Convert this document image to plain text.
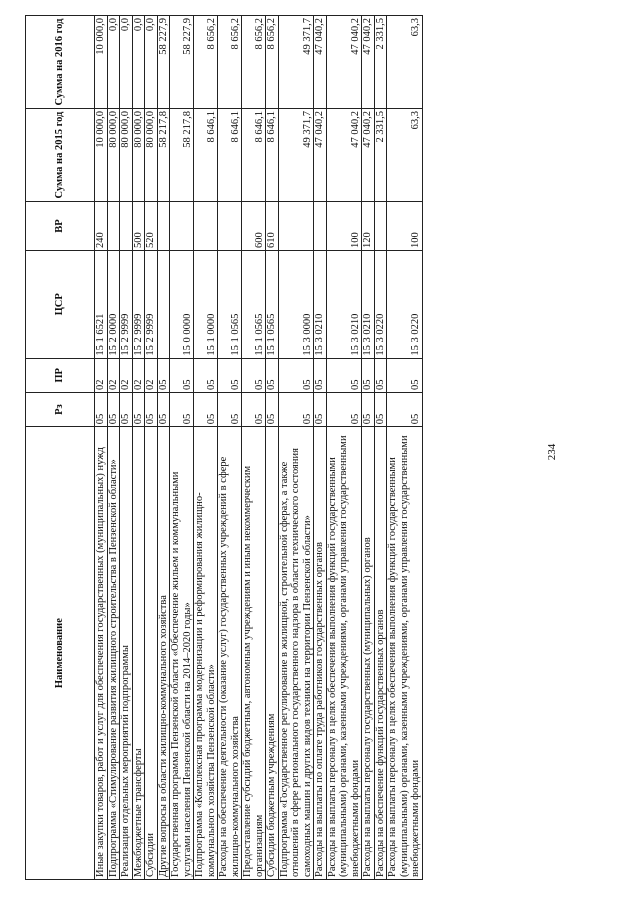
234
Наименование	Рз	ПР	ЦСР	ВР	Сумма на 2015 год	Сумма на 2016 год
Иные закупки товаров, работ и услуг для обеспечения государственных (муниципальных) нужд	05	02	15 1 6521	240	10 000,0	10 000,0
Подпрограмма «Стимулирование развития жилищного строительства в Пензенской области»	05	02	15 2 0000		80 000,0	0,0
Реализация отдельных мероприятий подпрограммы	05	02	15 2 9999		80 000,0	0,0
Межбюджетные трансферты	05	02	15 2 9999	500	80 000,0	0,0
Субсидии	05	02	15 2 9999	520	80 000,0	0,0
Другие вопросы в области жилищно-коммунального хозяйства	05	05			58 217,8	58 227,9
Государственная программа Пензенской области «Обеспечение жильем и коммунальными услугами населения Пензенской области на 2014–2020 годы»	05	05	15 0 0000		58 217,8	58 227,9
Подпрограмма «Комплексная программа модернизации и реформирования жилищно-коммунального хозяйства Пензенской области»	05	05	15 1 0000		8 646,1	8 656,2
Расходы на обеспечение деятельности (оказание услуг) государственных учреждений в сфере жилищно-коммунального хозяйства	05	05	15 1 0565		8 646,1	8 656,2
Предоставление субсидий бюджетным, автономным учреждениям и иным некоммерческим организациям	05	05	15 1 0565	600	8 646,1	8 656,2
Субсидии бюджетным учреждениям	05	05	15 1 0565	610	8 646,1	8 656,2
Подпрограмма «Государственное регулирование в жилищной, строительной сферах, а также отношений в сфере регионального государственного надзора в области технического состояния самоходных машин и других видов техники на территории Пензенской области»	05	05	15 3 0000		49 371,7	49 371,7
Расходы на выплаты по оплате труда работников государственных органов	05	05	15 3 0210		47 040,2	47 040,2
Расходы на выплаты персоналу в целях обеспечения выполнения функций государственными (муниципальными) органами, казенными учреждениями, органами управления государственными внебюджетными фондами	05	05	15 3 0210	100	47 040,2	47 040,2
Расходы на выплаты персоналу государственных (муниципальных) органов	05	05	15 3 0210	120	47 040,2	47 040,2
Расходы на обеспечение функций государственных органов	05	05	15 3 0220		2 331,5	2 331,5
Расходы на выплаты персоналу в целях обеспечения выполнения функций государственными (муниципальными) органами, казенными учреждениями, органами управления государственными внебюджетными фондами	05	05	15 3 0220	100	63,3	63,3
